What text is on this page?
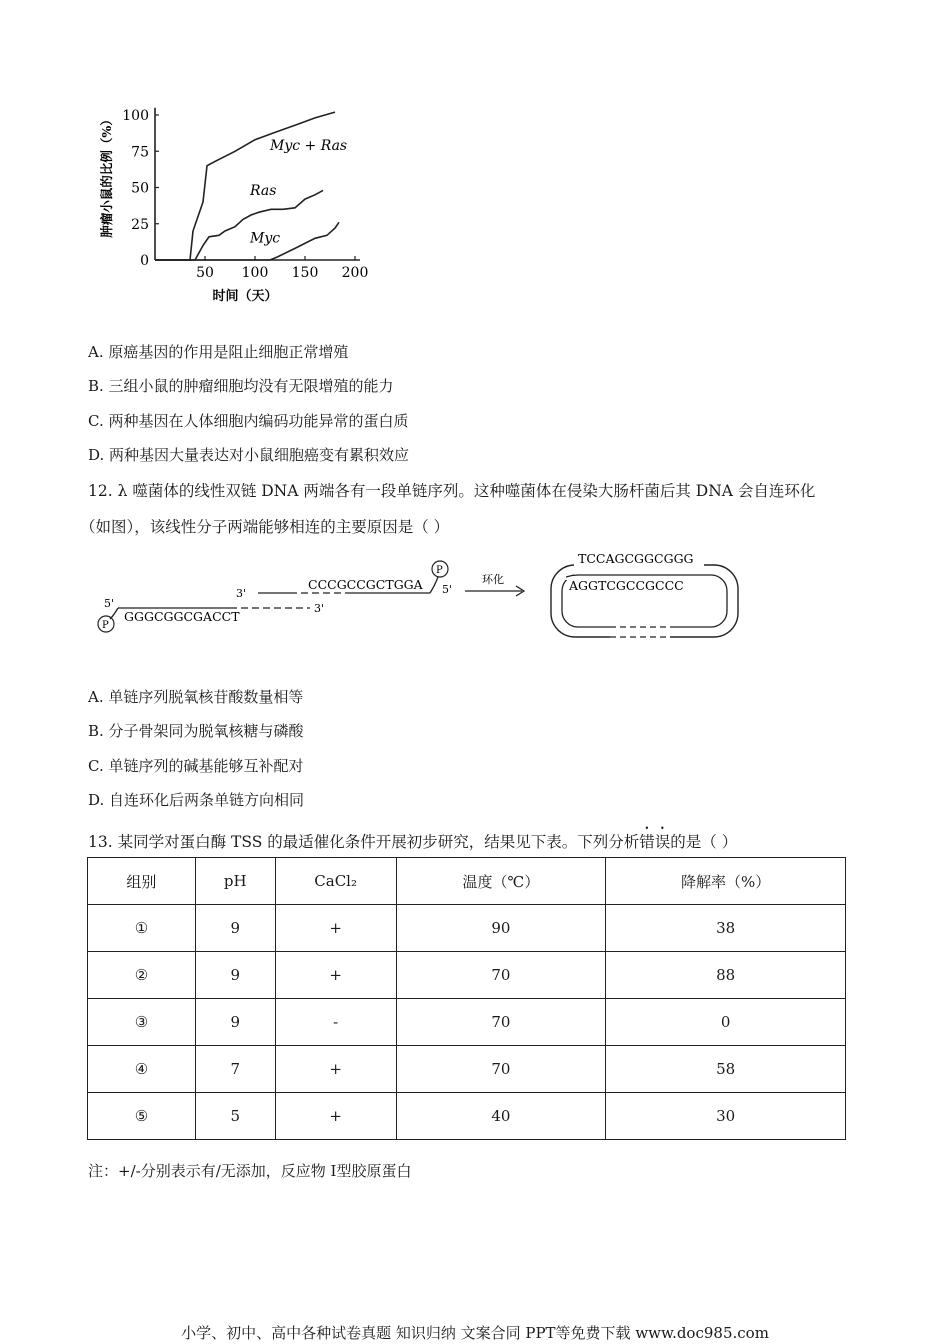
0
25
50
75
100
50 100 150 200
时间（天）
肿瘤小鼠的比例（%）	Myc + Ras
Ras
Myc
A. 原癌基因的作用是阻止细胞正常增殖
B. 三组小鼠的肿瘤细胞均没有无限增殖的能力
C. 两种基因在人体细胞内编码功能异常的蛋白质
D. 两种基因大量表达对小鼠细胞癌变有累积效应
12. λ 噬菌体的线性双链 DNA 两端各有一段单链序列。这种噬菌体在侵染大肠杆菌后其 DNA 会自连环化
（如图），该线性分子两端能够相连的主要原因是（ ）
3'
CCCGCCGCTGGA
P
5'
3'
GGGCGGCGACCT
P
5'
环化
TCCAGCGGCGGG
AGGTCGCCGCCC
A. 单链序列脱氧核苷酸数量相等
B. 分子骨架同为脱氧核糖与磷酸
C. 单链序列的碱基能够互补配对
D. 自连环化后两条单链方向相同
13. 某同学对蛋白酶 TSS 的最适催化条件开展初步研究，结果见下表。下列分析错误的是（ ）
组别	pH	CaCl₂	温度（℃）	降解率（%）
①	9	+	90	38
②	9	+	70	88
③	9	-	70	0
④	7	+	70	58
⑤	5	+	40	30
注：+/-分别表示有/无添加，反应物 Ⅰ型胶原蛋白
小学、初中、高中各种试卷真题 知识归纳 文案合同 PPT等免费下载 www.doc985.com
